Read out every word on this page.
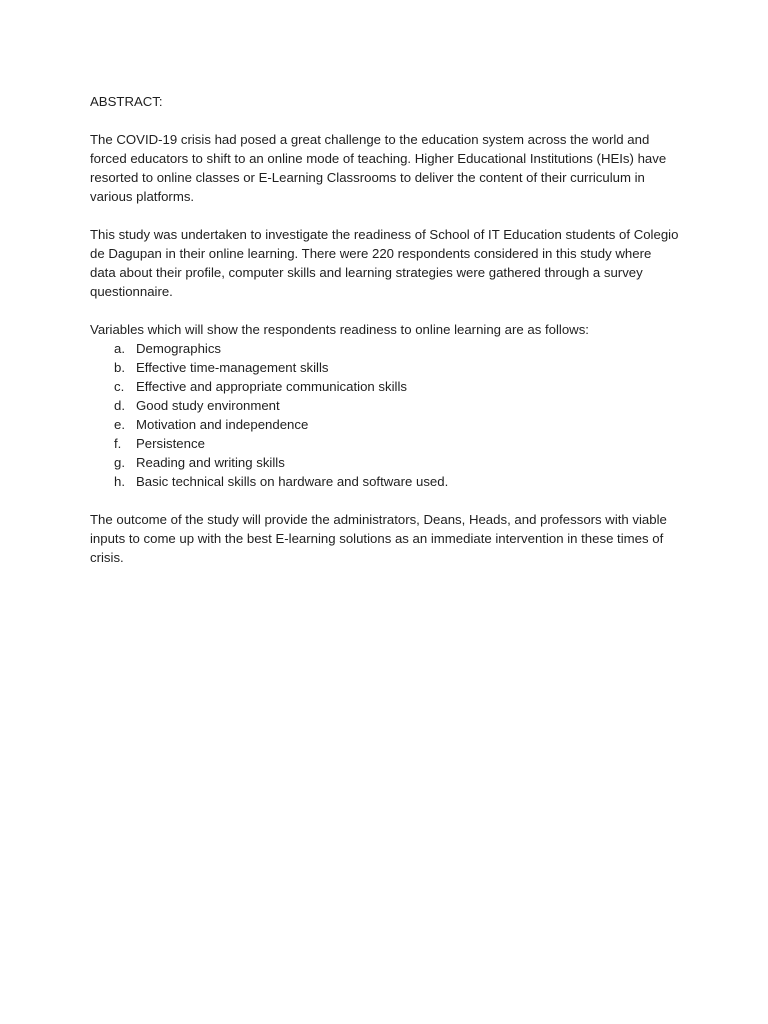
ABSTRACT:

The COVID-19 crisis had posed a great challenge to the education system across the world and forced educators to shift to an online mode of teaching. Higher Educational Institutions (HEIs) have resorted to online classes or E-Learning Classrooms to deliver the content of their curriculum in various platforms.

This study was undertaken to investigate the readiness of School of IT Education students of Colegio de Dagupan in their online learning. There were 220 respondents considered in this study where data about their profile, computer skills and learning strategies were gathered through a survey questionnaire.

Variables which will show the respondents readiness to online learning are as follows:

a. Demographics
b. Effective time-management skills
c. Effective and appropriate communication skills
d. Good study environment
e. Motivation and independence
f.	Persistence
g. Reading and writing skills
h. Basic technical skills on hardware and software used.

The outcome of the study will provide the administrators, Deans, Heads, and professors with viable inputs to come up with the best E-learning solutions as an immediate intervention in these times of crisis.
